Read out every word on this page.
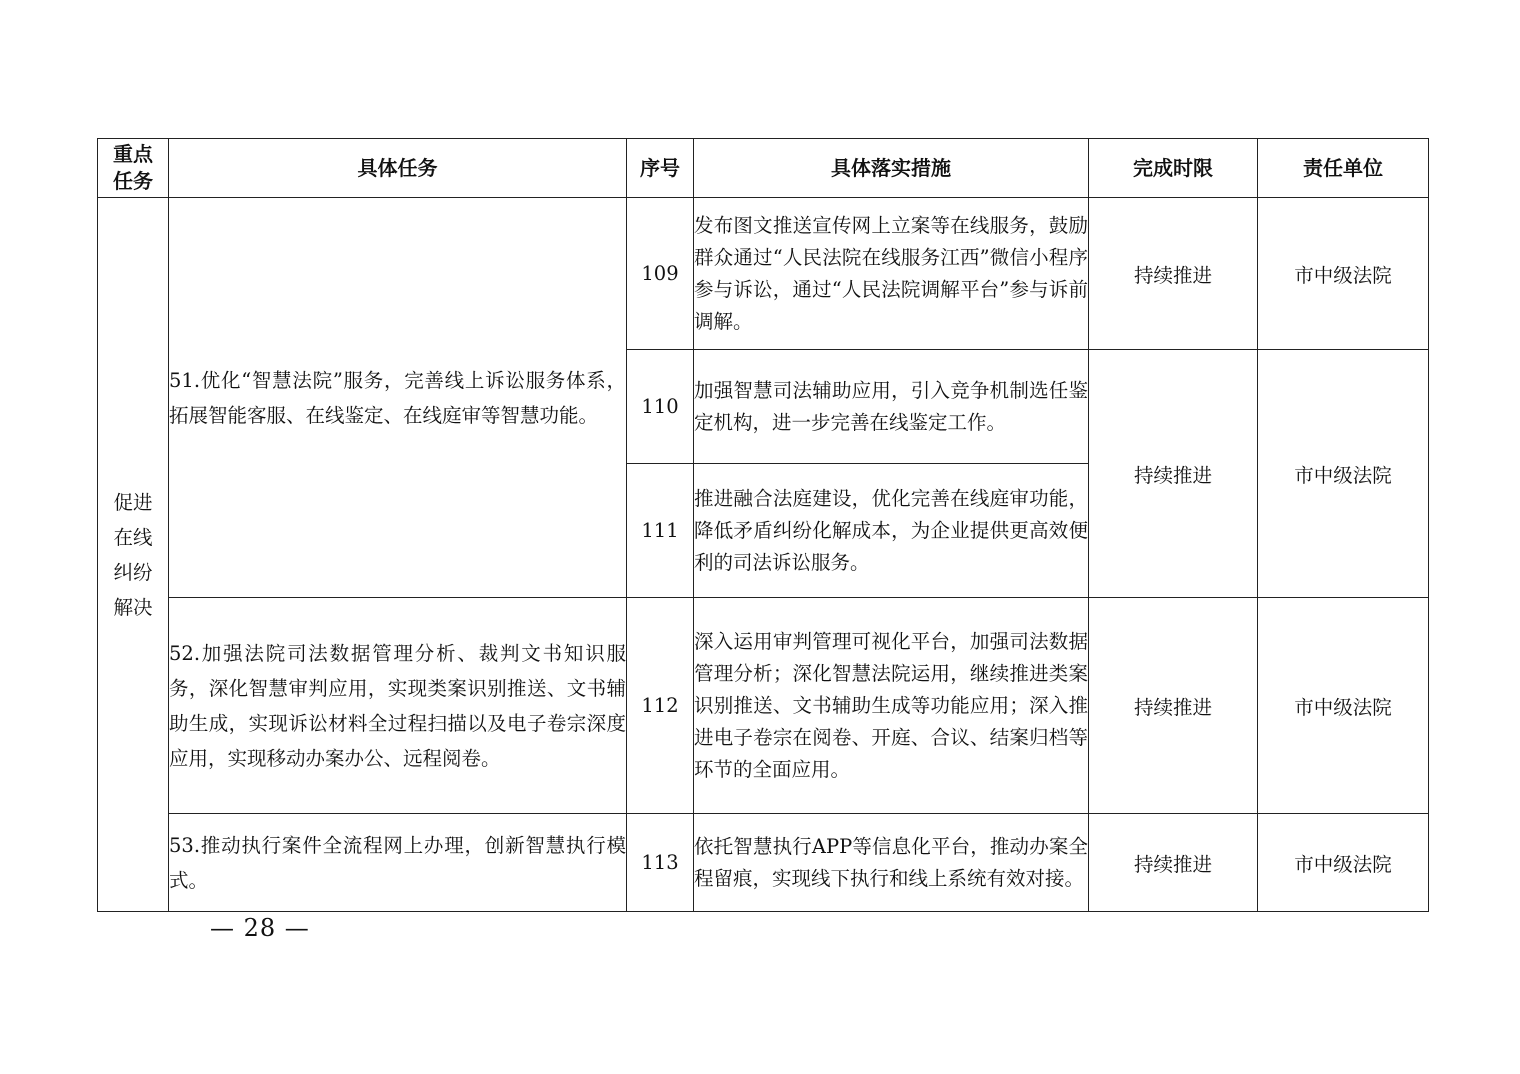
重点任务	具体任务	序号	具体落实措施	完成时限	责任单位
促进在线纠纷解决	51.优化“智慧法院”服务，完善线上诉讼服务体系，拓展智能客服、在线鉴定、在线庭审等智慧功能。	109	发布图文推送宣传网上立案等在线服务，鼓励群众通过“人民法院在线服务江西”微信小程序参与诉讼，通过“人民法院调解平台”参与诉前调解。	持续推进	市中级法院
		110	加强智慧司法辅助应用，引入竞争机制选任鉴定机构，进一步完善在线鉴定工作。	持续推进	市中级法院
		111	推进融合法庭建设，优化完善在线庭审功能，降低矛盾纠纷化解成本，为企业提供更高效便利的司法诉讼服务。		
	52.加强法院司法数据管理分析、裁判文书知识服务，深化智慧审判应用，实现类案识别推送、文书辅助生成，实现诉讼材料全过程扫描以及电子卷宗深度应用，实现移动办案办公、远程阅卷。	112	深入运用审判管理可视化平台，加强司法数据管理分析；深化智慧法院运用，继续推进类案识别推送、文书辅助生成等功能应用；深入推进电子卷宗在阅卷、开庭、合议、结案归档等环节的全面应用。	持续推进	市中级法院
	53.推动执行案件全流程网上办理，创新智慧执行模式。	113	依托智慧执行APP等信息化平台，推动办案全程留痕，实现线下执行和线上系统有效对接。	持续推进	市中级法院
— 28 —
